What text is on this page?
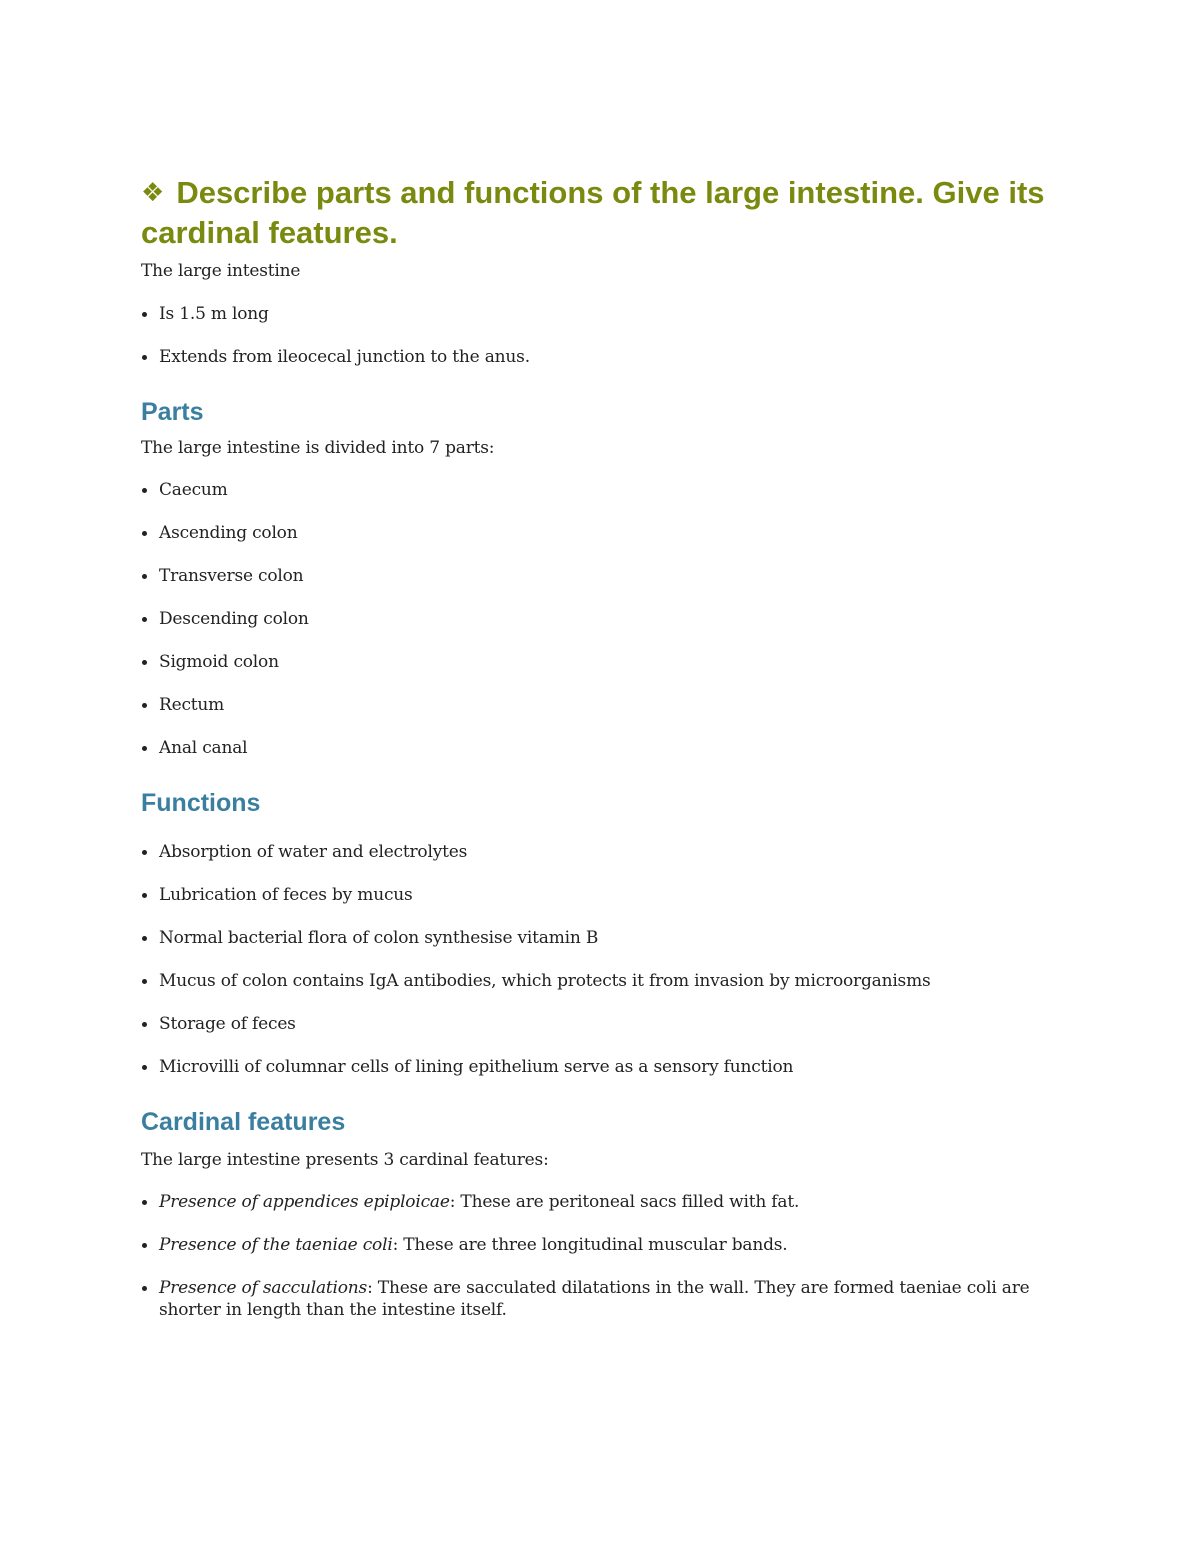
❖ Describe parts and functions of the large intestine. Give its cardinal features.

The large intestine

Is 1.5 m long
Extends from ileocecal junction to the anus.
Parts

The large intestine is divided into 7 parts:

Caecum
Ascending colon
Transverse colon
Descending colon
Sigmoid colon
Rectum
Anal canal
Functions
Absorption of water and electrolytes
Lubrication of feces by mucus
Normal bacterial flora of colon synthesise vitamin B
Mucus of colon contains IgA antibodies, which protects it from invasion by microorganisms
Storage of feces
Microvilli of columnar cells of lining epithelium serve as a sensory function
Cardinal features

The large intestine presents 3 cardinal features:

Presence of appendices epiploicae: These are peritoneal sacs filled with fat.
Presence of the taeniae coli: These are three longitudinal muscular bands.
Presence of sacculations: These are sacculated dilatations in the wall. They are formed taeniae coli are shorter in length than the intestine itself.
